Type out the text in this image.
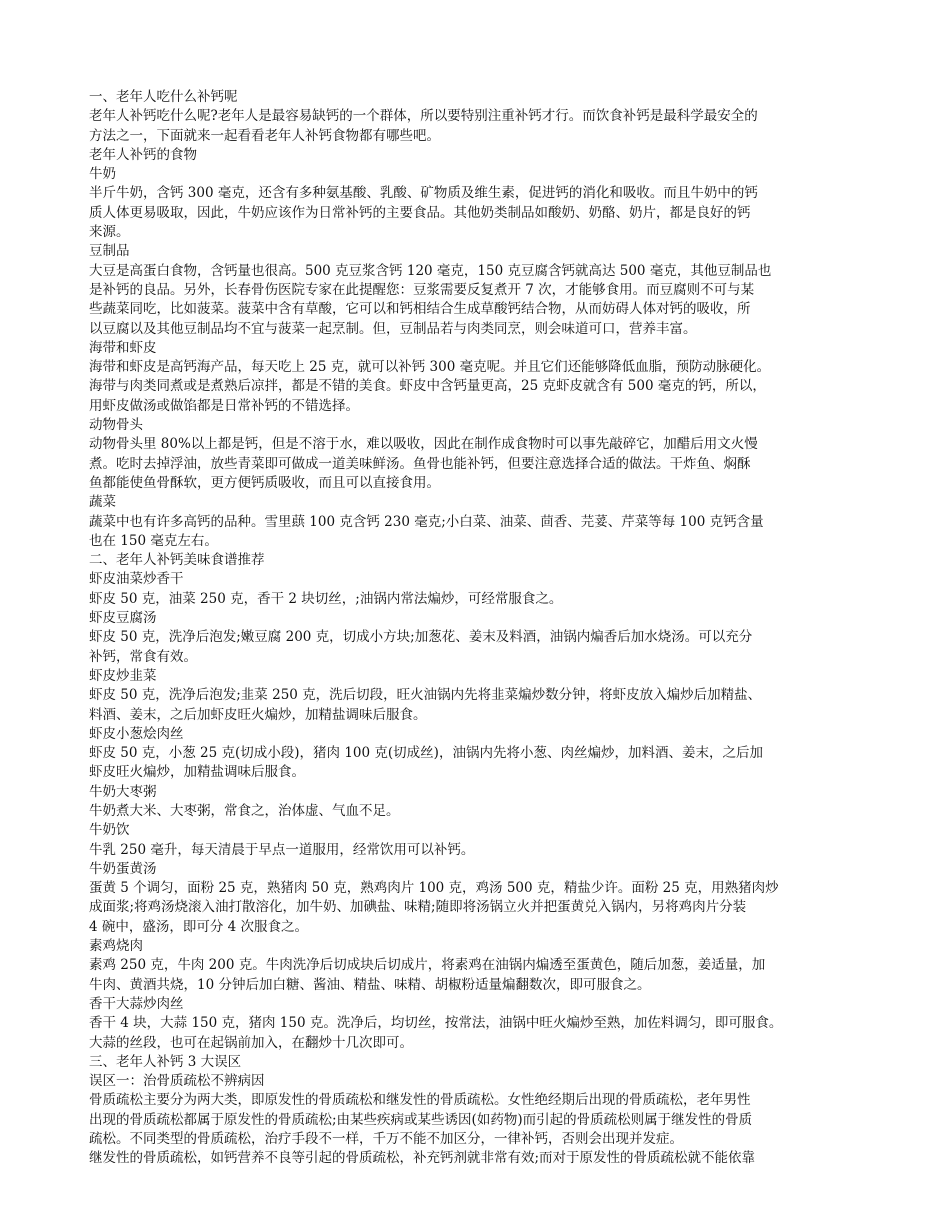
一、老年人吃什么补钙呢
老年人补钙吃什么呢?老年人是最容易缺钙的一个群体，所以要特别注重补钙才行。而饮食补钙是最科学最安全的
方法之一，下面就来一起看看老年人补钙食物都有哪些吧。
老年人补钙的食物
牛奶
半斤牛奶，含钙 300 毫克，还含有多种氨基酸、乳酸、矿物质及维生素，促进钙的消化和吸收。而且牛奶中的钙
质人体更易吸取，因此，牛奶应该作为日常补钙的主要食品。其他奶类制品如酸奶、奶酪、奶片，都是良好的钙
来源。
豆制品
大豆是高蛋白食物，含钙量也很高。500 克豆浆含钙 120 毫克，150 克豆腐含钙就高达 500 毫克，其他豆制品也
是补钙的良品。另外，长春骨伤医院专家在此提醒您：豆浆需要反复煮开 7 次，才能够食用。而豆腐则不可与某
些蔬菜同吃，比如菠菜。菠菜中含有草酸，它可以和钙相结合生成草酸钙结合物，从而妨碍人体对钙的吸收，所
以豆腐以及其他豆制品均不宜与菠菜一起烹制。但，豆制品若与肉类同烹，则会味道可口，营养丰富。
海带和虾皮
海带和虾皮是高钙海产品，每天吃上 25 克，就可以补钙 300 毫克呢。并且它们还能够降低血脂，预防动脉硬化。
海带与肉类同煮或是煮熟后凉拌，都是不错的美食。虾皮中含钙量更高，25 克虾皮就含有 500 毫克的钙，所以，
用虾皮做汤或做馅都是日常补钙的不错选择。
动物骨头
动物骨头里 80%以上都是钙，但是不溶于水，难以吸收，因此在制作成食物时可以事先敲碎它，加醋后用文火慢
煮。吃时去掉浮油，放些青菜即可做成一道美味鲜汤。鱼骨也能补钙，但要注意选择合适的做法。干炸鱼、焖酥
鱼都能使鱼骨酥软，更方便钙质吸收，而且可以直接食用。
蔬菜
蔬菜中也有许多高钙的品种。雪里蕻 100 克含钙 230 毫克;小白菜、油菜、茴香、芫荽、芹菜等每 100 克钙含量
也在 150 毫克左右。
二、老年人补钙美味食谱推荐
虾皮油菜炒香干
虾皮 50 克，油菜 250 克，香干 2 块切丝，;油锅内常法煸炒，可经常服食之。
虾皮豆腐汤
虾皮 50 克，洗净后泡发;嫩豆腐 200 克，切成小方块;加葱花、姜末及料酒，油锅内煸香后加水烧汤。可以充分
补钙，常食有效。
虾皮炒韭菜
虾皮 50 克，洗净后泡发;韭菜 250 克，洗后切段，旺火油锅内先将韭菜煸炒数分钟，将虾皮放入煸炒后加精盐、
料酒、姜末，之后加虾皮旺火煸炒，加精盐调味后服食。
虾皮小葱烩肉丝
虾皮 50 克，小葱 25 克(切成小段)，猪肉 100 克(切成丝)，油锅内先将小葱、肉丝煸炒，加料酒、姜末，之后加
虾皮旺火煸炒，加精盐调味后服食。
牛奶大枣粥
牛奶煮大米、大枣粥，常食之，治体虚、气血不足。
牛奶饮
牛乳 250 毫升，每天清晨于早点一道服用，经常饮用可以补钙。
牛奶蛋黄汤
蛋黄 5 个调匀，面粉 25 克，熟猪肉 50 克，熟鸡肉片 100 克，鸡汤 500 克，精盐少许。面粉 25 克，用熟猪肉炒
成面浆;将鸡汤烧滚入油打散溶化，加牛奶、加碘盐、味精;随即将汤锅立火并把蛋黄兑入锅内，另将鸡肉片分装
4 碗中，盛汤，即可分 4 次服食之。
素鸡烧肉
素鸡 250 克，牛肉 200 克。牛肉洗净后切成块后切成片，将素鸡在油锅内煸透至蛋黄色，随后加葱，姜适量，加
牛肉、黄酒共烧，10 分钟后加白糖、酱油、精盐、味精、胡椒粉适量煸翻数次，即可服食之。
香干大蒜炒肉丝
香干 4 块，大蒜 150 克，猪肉 150 克。洗净后，均切丝，按常法，油锅中旺火煸炒至熟，加佐料调匀，即可服食。
大蒜的丝段，也可在起锅前加入，在翻炒十几次即可。
三、老年人补钙 3 大误区
误区一：治骨质疏松不辨病因
骨质疏松主要分为两大类，即原发性的骨质疏松和继发性的骨质疏松。女性绝经期后出现的骨质疏松，老年男性
出现的骨质疏松都属于原发性的骨质疏松;由某些疾病或某些诱因(如药物)而引起的骨质疏松则属于继发性的骨质
疏松。不同类型的骨质疏松，治疗手段不一样，千万不能不加区分，一律补钙，否则会出现并发症。
继发性的骨质疏松，如钙营养不良等引起的骨质疏松，补充钙剂就非常有效;而对于原发性的骨质疏松就不能依靠
